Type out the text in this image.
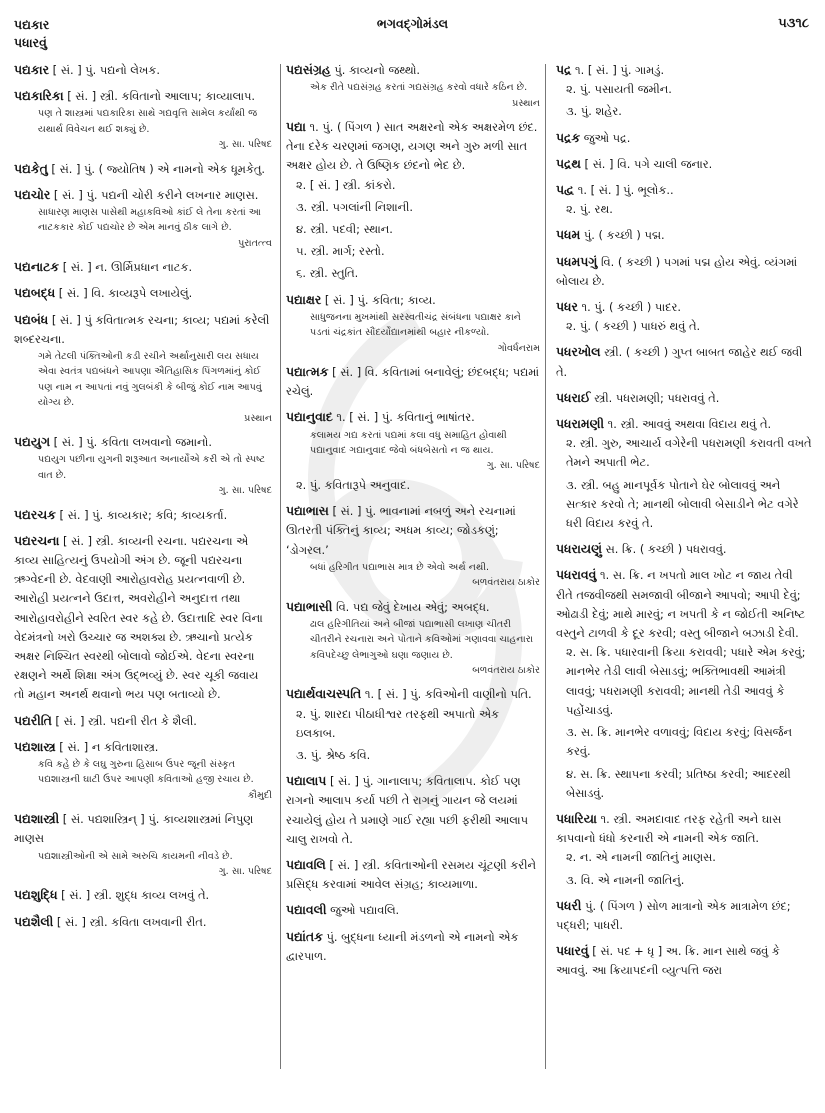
પદ્યકાર
પધારવું
ભગવદ્ગોમંડલ	૫૩૧૮
પદ્યકાર [ સં. ] પું. પદ્યનો લેખક.
પદ્યકારિકા [ સં. ] સ્ત્રી. કવિતાનો આલાપ; કાવ્યાલાપ.
પણ તે શાસ્ત્રમાં પદ્યકારિકા સાથે ગદ્યવૃત્તિ સામેલ કર્યાંથી જ યથાર્થ વિવેચન થઈ શક્યું છે.
ગુ. સા. પરિષદ
પદ્યકેતુ [ સં. ] પું. ( જ્યોતિષ ) એ નામનો એક ધૂમકેતુ.
પદ્યચોર [ સં. ] પું. પદ્યની ચોરી કરીને લખનાર માણસ.
સાધારણ માણસ પાસેથી મહાકવિઓ કાંઈ લે તેના કરતાં આ નાટકકાર કોઈ પદ્યચોર છે એમ માનવું ઠીક લાગે છે.
પુરાતત્ત્વ
પદ્યનાટક [ સં. ] ન. ઊર્મિપ્રધાન નાટક.
પદ્યબદ્ધ [ સં. ] વિ. કાવ્યરૂપે લખાયેલું.
પદ્યબંધ [ સં. ] પું કવિતાત્મક રચના; કાવ્ય; પદ્યમાં કરેલી શબ્દરચના.
ગમે તેટલી પંક્તિઓની કડી રચીને અર્થાનુસારી લય સધાય એવા સ્વતંત્ર પદ્યબંધને આપણા ઐતિહાસિક પિંગળમાંનું કોઈ પણ નામ ન આપતાં નવું ગુલબંકી કે બીજું કોઈ નામ આપવું યોગ્ય છે.
પ્રસ્થાન
પદ્યયુગ [ સં. ] પું. કવિતા લખવાનો જમાનો.
પદ્યયુગ પછીના યુગની શરૂઆત અનાર્યોએ કરી એ તો સ્પષ્ટ વાત છે.
ગુ. સા. પરિષદ
પદ્યરચક [ સં. ] પું. કાવ્યકાર; કવિ; કાવ્યકર્તા.
પદ્યરચના [ સં. ] સ્ત્રી. કાવ્યની રચના. પદ્યરચના એ કાવ્ય સાહિત્યનું ઉપયોગી અંગ છે. જૂની પદ્યરચના ઋગ્વેદની છે. વેદવાણી આરોહાવરોહ પ્રયત્નવાળી છે. આરોહી પ્રયત્નને ઉદાત્ત, અવરોહીને અનુદાત્ત તથા આરોહાવરોહીને સ્વરિત સ્વર કહે છે. ઉદાત્તાદિ સ્વર વિના વેદમંત્રનો ખરો ઉચ્ચાર જ અશક્ય છે. ઋચાનો પ્રત્યેક અક્ષર નિશ્ચિત સ્વરથી બોલાવો જોઈએ. વેદના સ્વરના રક્ષણને અર્થે શિક્ષા અંગ ઉદ્ભવ્યું છે. સ્વર ચૂકી જવાય તો મહાન અનર્થ થવાનો ભય પણ બતાવ્યો છે.
પદ્યરીતિ [ સં. ] સ્ત્રી. પદ્યની રીત કે શૈલી.
પદ્યશાસ્ત્ર [ સં. ] ન કવિતાશાસ્ત્ર.
કવિ કહે છે કે લઘુ ગુરુના હિસાબ ઉપર જૂની સંસ્કૃત પદ્યશાસ્ત્રની ઘાટી ઉપર આપણી કવિતાઓ હજી રચાય છે.
કૌમુદી
પદ્યશાસ્ત્રી [ સં. પદ્યશાસ્ત્રિન્ ] પું. કાવ્યશાસ્ત્રમાં નિપુણ માણસ
પદ્યશાસ્ત્રીઓની એ સામે અરુચિ કાયમની નીવડે છે.
ગુ. સા. પરિષદ
પદ્યશુદ્ધિ [ સં. ] સ્ત્રી. શુદ્ધ કાવ્ય લખવું તે.
પદ્યશૈલી [ સં. ] સ્ત્રી. કવિતા લખવાની રીત.
પદ્યસંગ્રહ પું. કાવ્યનો જથ્થો.
એક રીતે પદ્યસંગ્રહ કરતાં ગદ્યસંગ્રહ કરવો વધારે કઠિન છે.
પ્રસ્થાન
પદ્યા ૧. પું. ( પિંગળ ) સાત અક્ષરનો એક અક્ષરમેળ છંદ. તેના દરેક ચરણમાં જગણ, યગણ અને ગુરુ મળી સાત અક્ષર હોય છે. તે ઉષ્ણિક છંદનો ભેદ છે.
૨. [ સં. ] સ્ત્રી. કાંકરો.
૩. સ્ત્રી. પગલાંની નિશાની.
૪. સ્ત્રી. પદવી; સ્થાન.
૫. સ્ત્રી. માર્ગ; રસ્તો.
૬. સ્ત્રી. સ્તુતિ.
પદ્યાક્ષર [ સં. ] પું. કવિતા; કાવ્ય.
સાધુજનના મુખમાંથી સરસ્વતીચંદ્ર સંબંધના પદ્યાક્ષર કાને પડતાં ચંદ્રકાંત સૌંદર્યોદ્યાનમાંથી બહાર નીકળ્યો.
ગોવર્ધનરામ
પદ્યાત્મક [ સં. ] વિ. કવિતામાં બનાવેલું; છંદબદ્ધ; પદ્યમાં રચેલું.
પદ્યાનુવાદ ૧. [ સં. ] પું. કવિતાનું ભાષાંતર.
કલામય ગદ્ય કરતાં પદ્યમાં કલા વધુ સમાહિત હોવાથી પદ્યાનુવાદ ગદ્યાનુવાદ જેવો બંધબેસતો ન જ થાય.
ગુ. સા. પરિષદ
૨. પું. કવિતારૂપે અનુવાદ.
પદ્યાભાસ [ સં. ] પું. ભાવનામાં નબળું અને રચનામાં ઊતરતી પંક્તિનું કાવ્ય; અધમ કાવ્ય; જોડકણું; ‘ડોગરલ.’
બધાં હરિગીત પદ્યાભાસ માત્ર છે એવો અર્થ નથી.
બળવંતરાય ઠાકોર
પદ્યાભાસી વિ. પદ્ય જેવું દેખાય એવું; અબદ્ધ.
ઢાલ હરિગીતિયાં અને બીજાં પદ્યાભાસી લખાણ ચીતરી ચીતરીને રચનારા અને પોતાને કવિઓમાં ગણાવવા ચાહનારા કવિપદેચ્છુ લેભાગુઓ ઘણા જણાય છે.
બળવંતરાય ઠાકોર
પદ્યાર્થવાચસ્પતિ ૧. [ સં. ] પું. કવિઓની વાણીનો પતિ.
૨. પું. શારદા પીઠાધીશ્વર તરફથી અપાતો એક ઇલકાબ.
૩. પું. શ્રેષ્ઠ કવિ.
પદ્યાલાપ [ સં. ] પું. ગાનાલાપ; કવિતાલાપ. કોઈ પણ રાગનો આલાપ કર્યા પછી તે રાગનું ગાયન જે લયમાં રચાયેલું હોય તે પ્રમાણે ગાઈ રહ્યા પછી ફરીથી આલાપ ચાલુ રાખવો તે.
પદ્યાવલિ [ સં. ] સ્ત્રી. કવિતાઓની રસમય ચૂંટણી કરીને પ્રસિદ્ધ કરવામાં આવેલ સંગ્રહ; કાવ્યમાળા.
પદ્યાવલી જુઓ પદ્યાવલિ.
પદ્યાંતક પું. બુદ્ધના ધ્યાની મંડળનો એ નામનો એક દ્વારપાળ.
પદ્ર ૧. [ સં. ] પું. ગામડું.
૨. પું. પસાયતી જમીન.
૩. પું. શહેર.
પદ્રક જુઓ પદ્ર.
પદ્રથ [ સં. ] વિ. પગે ચાલી જનાર.
પદ્વ ૧. [ સં. ] પું. ભૂલોક..
૨. પું. રથ.
પધમ પું. ( કચ્છી ) પદ્મ.
પધમપગું વિ. ( કચ્છી ) પગમાં પદ્મ હોય એવું. વ્યંગમાં બોલાય છે.
પધર ૧. પું. ( કચ્છી ) પાદર.
૨. પું. ( કચ્છી ) પાધરું થવું તે.
પધરખોલ સ્ત્રી. ( કચ્છી ) ગુપ્ત બાબત જાહેર થઈ જવી તે.
પધરાઈ સ્ત્રી. પધરામણી; પધરાવવું તે.
પધરામણી ૧. સ્ત્રી. આવવું અથવા વિદાય થવું તે.
૨. સ્ત્રી. ગુરુ, આચાર્ય વગેરેની પધરામણી કરાવતી વખતે તેમને અપાતી ભેટ.
૩. સ્ત્રી. બહુ માનપૂર્વક પોતાને ઘેર બોલાવવું અને સત્કાર કરવો તે; માનથી બોલાવી બેસાડીને ભેટ વગેરે ધરી વિદાય કરવું તે.
પધરાયણું સ. ક્રિ. ( કચ્છી ) પધરાવવું.
પધરાવવું ૧. સ. ક્રિ. ન ખપતો માલ ખોટ ન જાય તેવી રીતે તજવીજથી સમજાવી બીજાને આપવો; આપી દેવું; ઓઢાડી દેવું; માથે મારવું; ન ખપતી કે ન જોઈતી અનિષ્ટ વસ્તુને ટાળવી કે દૂર કરવી; વસ્તુ બીજાને બઝાડી દેવી.
૨. સ. ક્રિ. પધારવાની ક્રિયા કરાવવી; પધારે એમ કરવું; માનભેર તેડી લાવી બેસાડવું; ભક્તિભાવથી આમંત્રી લાવવું; પધરામણી કરાવવી; માનથી તેડી આવવું કે પહોંચાડવું.
૩. સ. ક્રિ. માનભેર વળાવવું; વિદાય કરવું; વિસર્જન કરવું.
૪. સ. ક્રિ. સ્થાપના કરવી; પ્રતિષ્ઠા કરવી; આદરથી બેસાડવું.
પધારિયા ૧. સ્ત્રી. અમદાવાદ તરફ રહેતી અને ઘાસ કાપવાનો ધંધો કરનારી એ નામની એક જાતિ.
૨. ન. એ નામની જાતિનું માણસ.
૩. વિ. એ નામની જાતિનું.
પધરી પું. ( પિંગળ ) સોળ માત્રાનો એક માત્રામેળ છંદ; પદ્ધરી; પાધરી.
પધારવું [ સં. પદ + ધૃ ] અ. ક્રિ. માન સાથે જવું કે આવવું. આ ક્રિયાપદની વ્યુત્પત્તિ જરા
